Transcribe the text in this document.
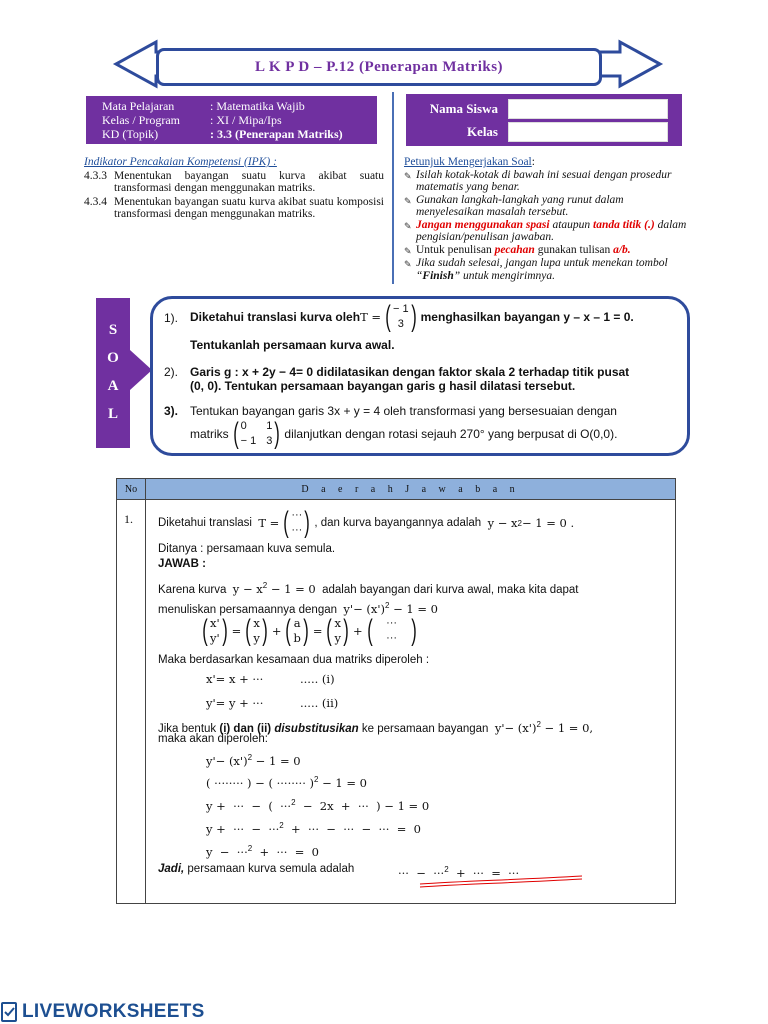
L K P D – P.12 (Penerapan Matriks)
Mata Pelajaran	: Matematika Wajib
Kelas / Program	: XI / Mipa/Ips
KD (Topik)	: 3.3 (Penerapan Matriks)
Nama Siswa
Kelas
Indikator Pencakaian Kompetensi (IPK) :
4.3.3 Menentukan bayangan suatu kurva akibat suatu transformasi dengan menggunakan matriks.
4.3.4 Menentukan bayangan suatu kurva akibat suatu komposisi transformasi dengan menggunakan matriks.
Petunjuk Mengerjakan Soal:
✎ Isilah kotak-kotak di bawah ini sesuai dengan prosedur matematis yang benar.
✎ Gunakan langkah-langkah yang runut dalam menyelesaikan masalah tersebut.
✎ Jangan menggunakan spasi ataupun tanda titik (.) dalam pengisian/penulisan jawaban.
✎ Untuk penulisan pecahan gunakan tulisan a/b.
✎ Jika sudah selesai, jangan lupa untuk menekan tombol “Finish” untuk mengirimnya.
S
O
A
L
1). Diketahui translasi kurva oleh T = ( − 1
3 ) menghasilkan bayangan y – x – 1 = 0.
Tentukanlah persamaan kurva awal.
2). Garis g : x + 2y − 4= 0 didilatasikan dengan faktor skala 2 terhadap titik pusat
(0, 0). Tentukan persamaan bayangan garis g hasil dilatasi tersebut.
3). Tentukan bayangan garis 3x + y = 4 oleh transformasi yang bersesuaian dengan
matriks ( 0	1
− 1 3 ) dilanjutkan dengan rotasi sejauh 270° yang berpusat di O(0,0).
No	D a e r a h J a w a b a n
1. Diketahui translasi
T = ( ···
··· ) , dan kurva bayangannya adalah
y − x 2 − 1 = 0 .
Ditanya : persamaan kuva semula.
JAWAB :
Karena kurva $y - x^2 - 1 = 0$ adalah bayangan dari kurva awal, maka kita dapat
menuliskan persamaannya dengan $y'- (x')^2 - 1 = 0$
( x'
y' ) = ( x
y ) + ( a
b ) = ( x
y ) + ( ···
··· )
Maka berdasarkan kesamaan dua matriks diperoleh :
x'= x + ···	..... (i)
y'= y + ···	..... (ii)
Jika bentuk (i) dan (ii) disubstitusikan ke persamaan bayangan $y'- (x')^2 - 1 = 0$,
maka akan diperoleh:
$y'- (x')^2 - 1 = 0$
( ········ ) − ( ········ )$^2$ − 1 = 0
y +  ···  −  (  ···$^2$  −  2x  +  ···  ) − 1 = 0
y +  ···  −  ···$^2$  +  ···  −  ···  −  ···  =  0
y  −  ···$^2$  +  ···  =  0
Jadi, persamaan kurva semula adalah	···  −  ···$^2$  +  ···  =  ···
LIVEWORKSHEETS
